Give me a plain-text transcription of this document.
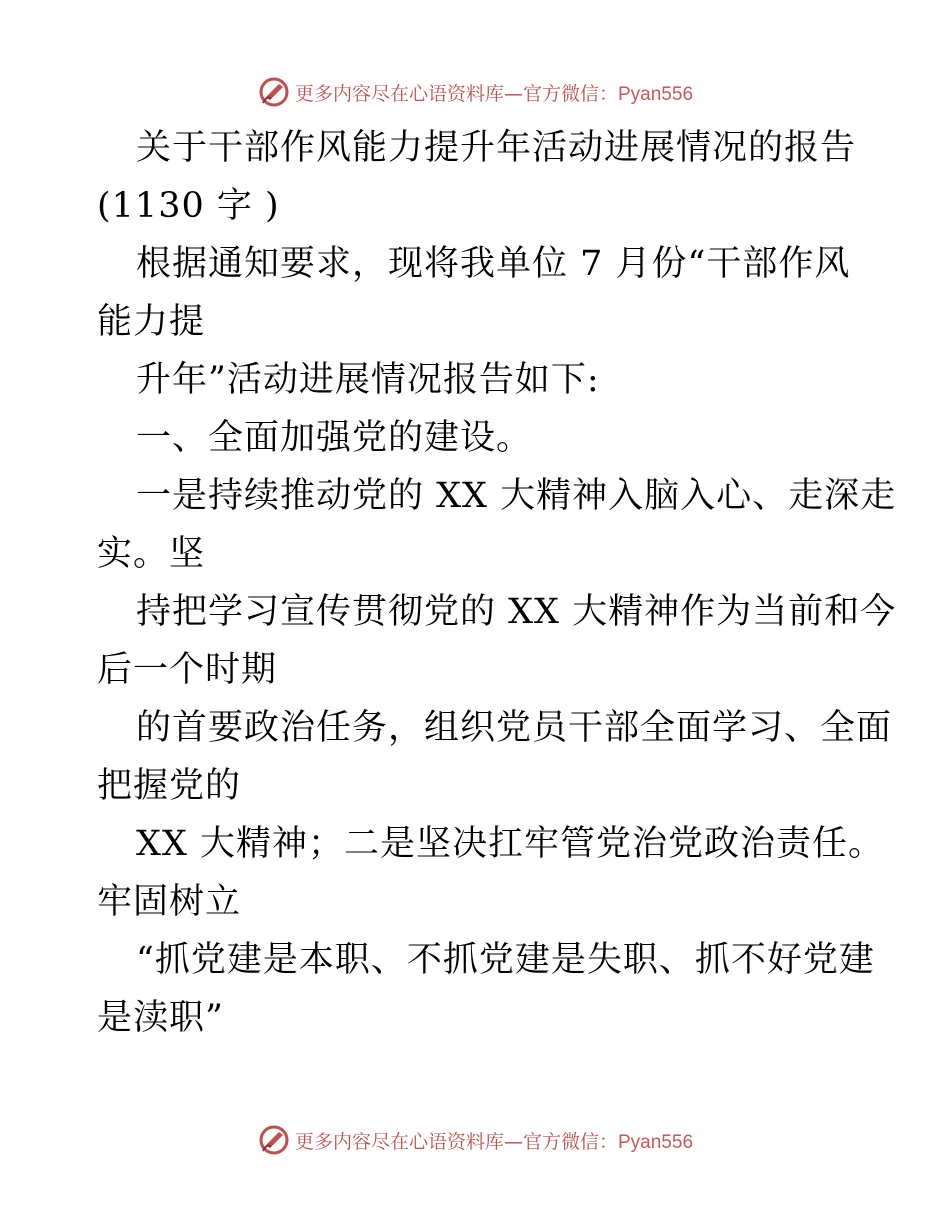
更多内容尽在心语资料库—官方微信：Pyan556
关于干部作风能力提升年活动进展情况的报告
(1130 字 )
根据通知要求，现将我单位 7 月份“干部作风
能力提
升年”活动进展情况报告如下:
一、全面加强党的建设。
一是持续推动党的 XX 大精神入脑入心、走深走
实。坚
持把学习宣传贯彻党的 XX 大精神作为当前和今
后一个时期
的首要政治任务，组织党员干部全面学习、全面
把握党的
XX 大精神；二是坚决扛牢管党治党政治责任。
牢固树立
“抓党建是本职、不抓党建是失职、抓不好党建
是渎职”
更多内容尽在心语资料库—官方微信：Pyan556
